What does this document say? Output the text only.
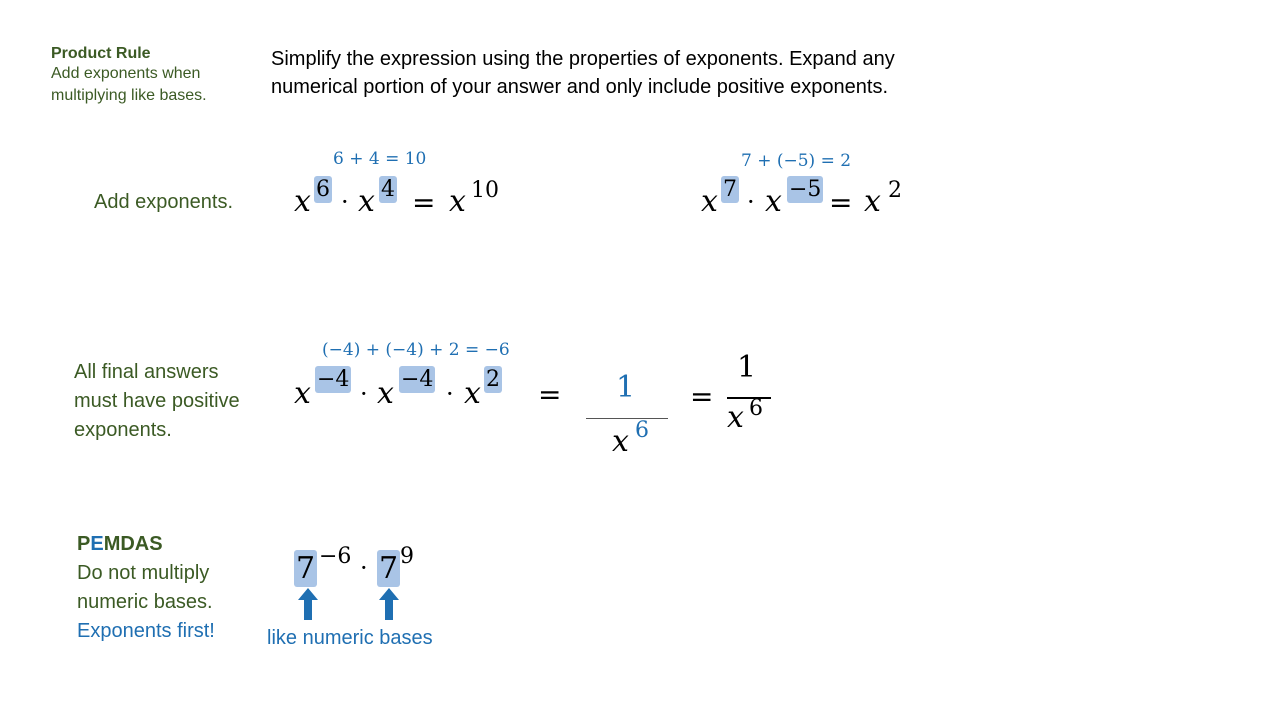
Product Rule
Add exponents when
multiplying like bases.
Simplify the expression using the properties of exponents. Expand any
numerical portion of your answer and only include positive exponents.
Add exponents.
6 + 4 = 10
x 6 · x 4 = x 10
7 + (−5) = 2
x 7 · x −5 = x 2
All final answers
must have positive
exponents.
(−4) + (−4) + 2 = −6
x −4
· x −4
· x 2 = 1
x 6
=
1
x 6
PEMDAS
Do not multiply
numeric bases.
Exponents first!
7 −6 · 7 9
like numeric bases
